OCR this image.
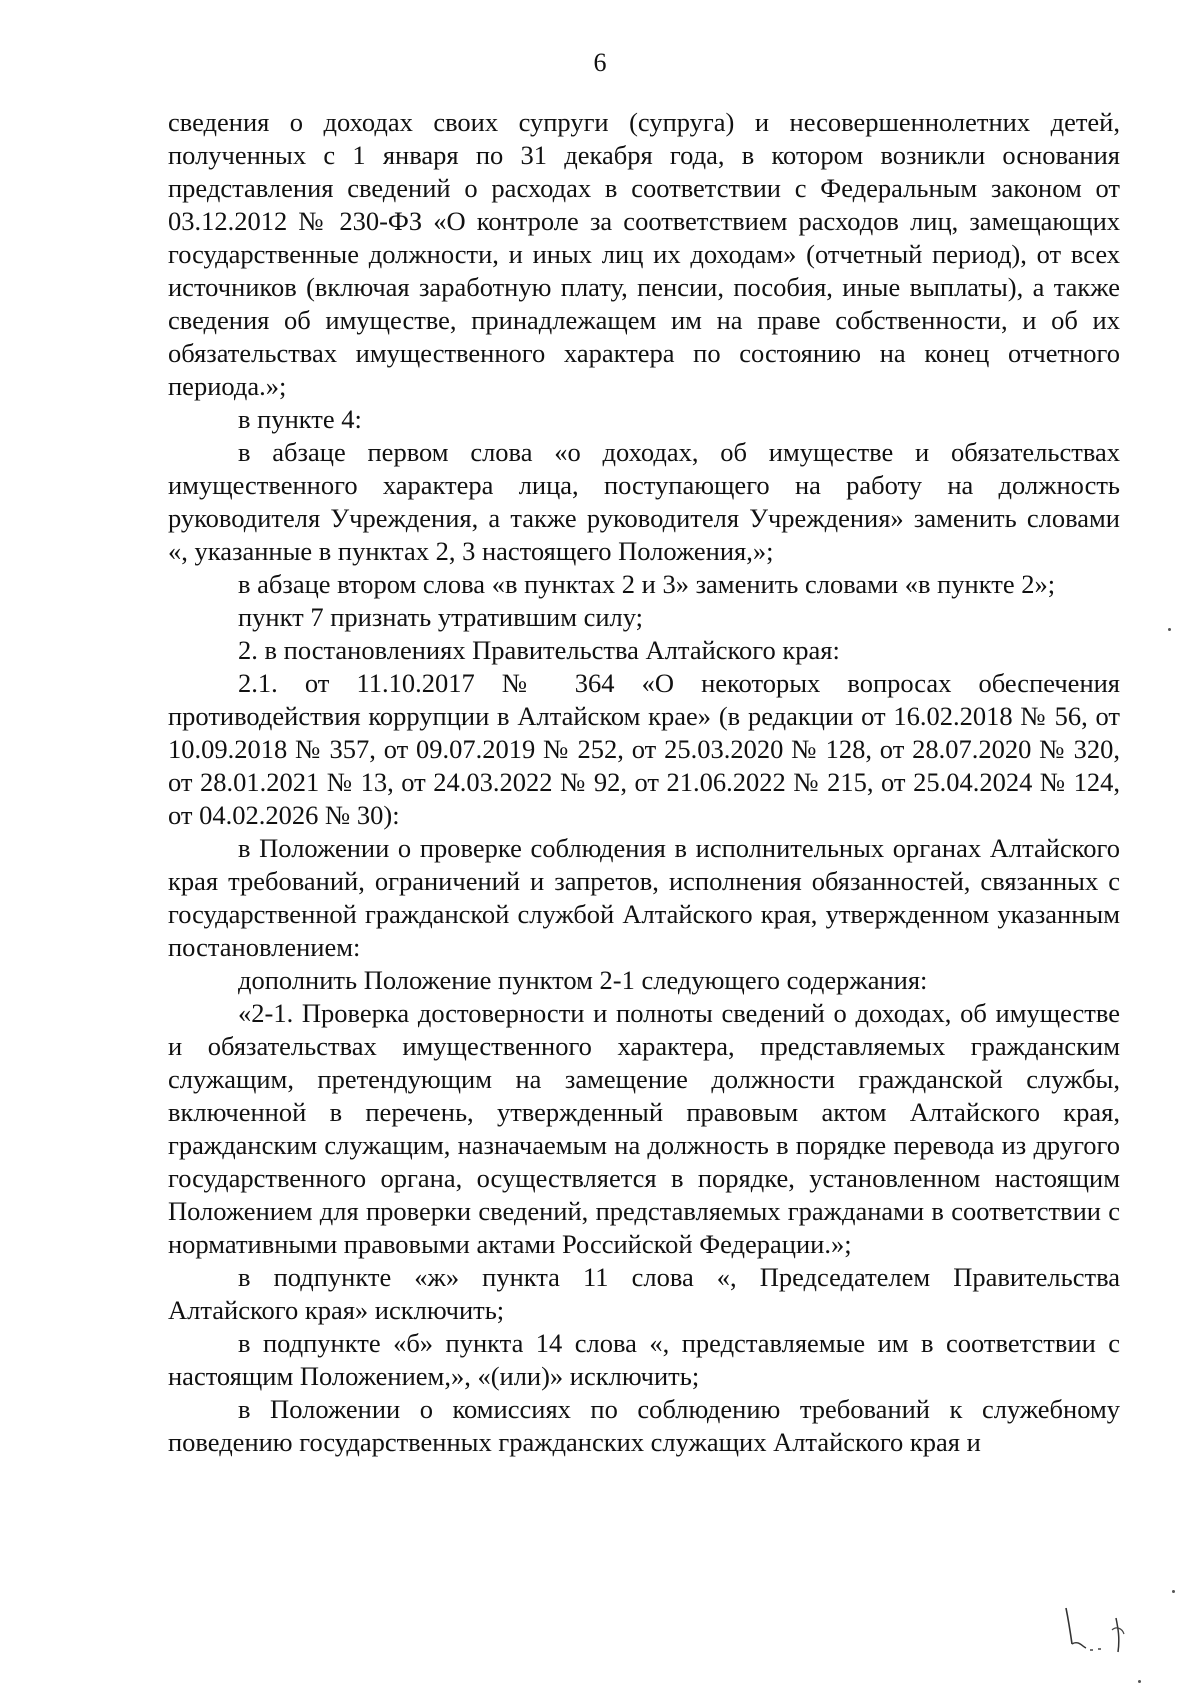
6

сведения о доходах своих супруги (супруга) и несовершеннолетних детей, полученных с 1 января по 31 декабря года, в котором возникли основания представления сведений о расходах в соответствии с Федеральным законом от 03.12.2012 № 230-ФЗ «О контроле за соответствием расходов лиц, замещающих государственные должности, и иных лиц их доходам» (отчетный период), от всех источников (включая заработную плату, пенсии, пособия, иные выплаты), а также сведения об имуществе, принадлежащем им на праве собственности, и об их обязательствах имущественного характера по состоянию на конец отчетного периода.»;

в пункте 4:

в абзаце первом слова «о доходах, об имуществе и обязательствах имущественного характера лица, поступающего на работу на должность руководителя Учреждения, а также руководителя Учреждения» заменить словами «, указанные в пунктах 2, 3 настоящего Положения,»;

в абзаце втором слова «в пунктах 2 и 3» заменить словами «в пункте 2»;

пункт 7 признать утратившим силу;

2. в постановлениях Правительства Алтайского края:

2.1. от 11.10.2017 № 364 «О некоторых вопросах обеспечения противодействия коррупции в Алтайском крае» (в редакции от 16.02.2018 № 56, от 10.09.2018 № 357, от 09.07.2019 № 252, от 25.03.2020 № 128, от 28.07.2020 № 320, от 28.01.2021 № 13, от 24.03.2022 № 92, от 21.06.2022 № 215, от 25.04.2024 № 124, от 04.02.2026 № 30):

в Положении о проверке соблюдения в исполнительных органах Алтайского края требований, ограничений и запретов, исполнения обязанностей, связанных с государственной гражданской службой Алтайского края, утвержденном указанным постановлением:

дополнить Положение пунктом 2-1 следующего содержания:

«2-1. Проверка достоверности и полноты сведений о доходах, об имуществе и обязательствах имущественного характера, представляемых гражданским служащим, претендующим на замещение должности гражданской службы, включенной в перечень, утвержденный правовым актом Алтайского края, гражданским служащим, назначаемым на должность в порядке перевода из другого государственного органа, осуществляется в порядке, установленном настоящим Положением для проверки сведений, представляемых гражданами в соответствии с нормативными правовыми актами Российской Федерации.»;

в подпункте «ж» пункта 11 слова «, Председателем Правительства Алтайского края» исключить;

в подпункте «б» пункта 14 слова «, представляемые им в соответствии с настоящим Положением,», «(или)» исключить;

в Положении о комиссиях по соблюдению требований к служебному поведению государственных гражданских служащих Алтайского края и
